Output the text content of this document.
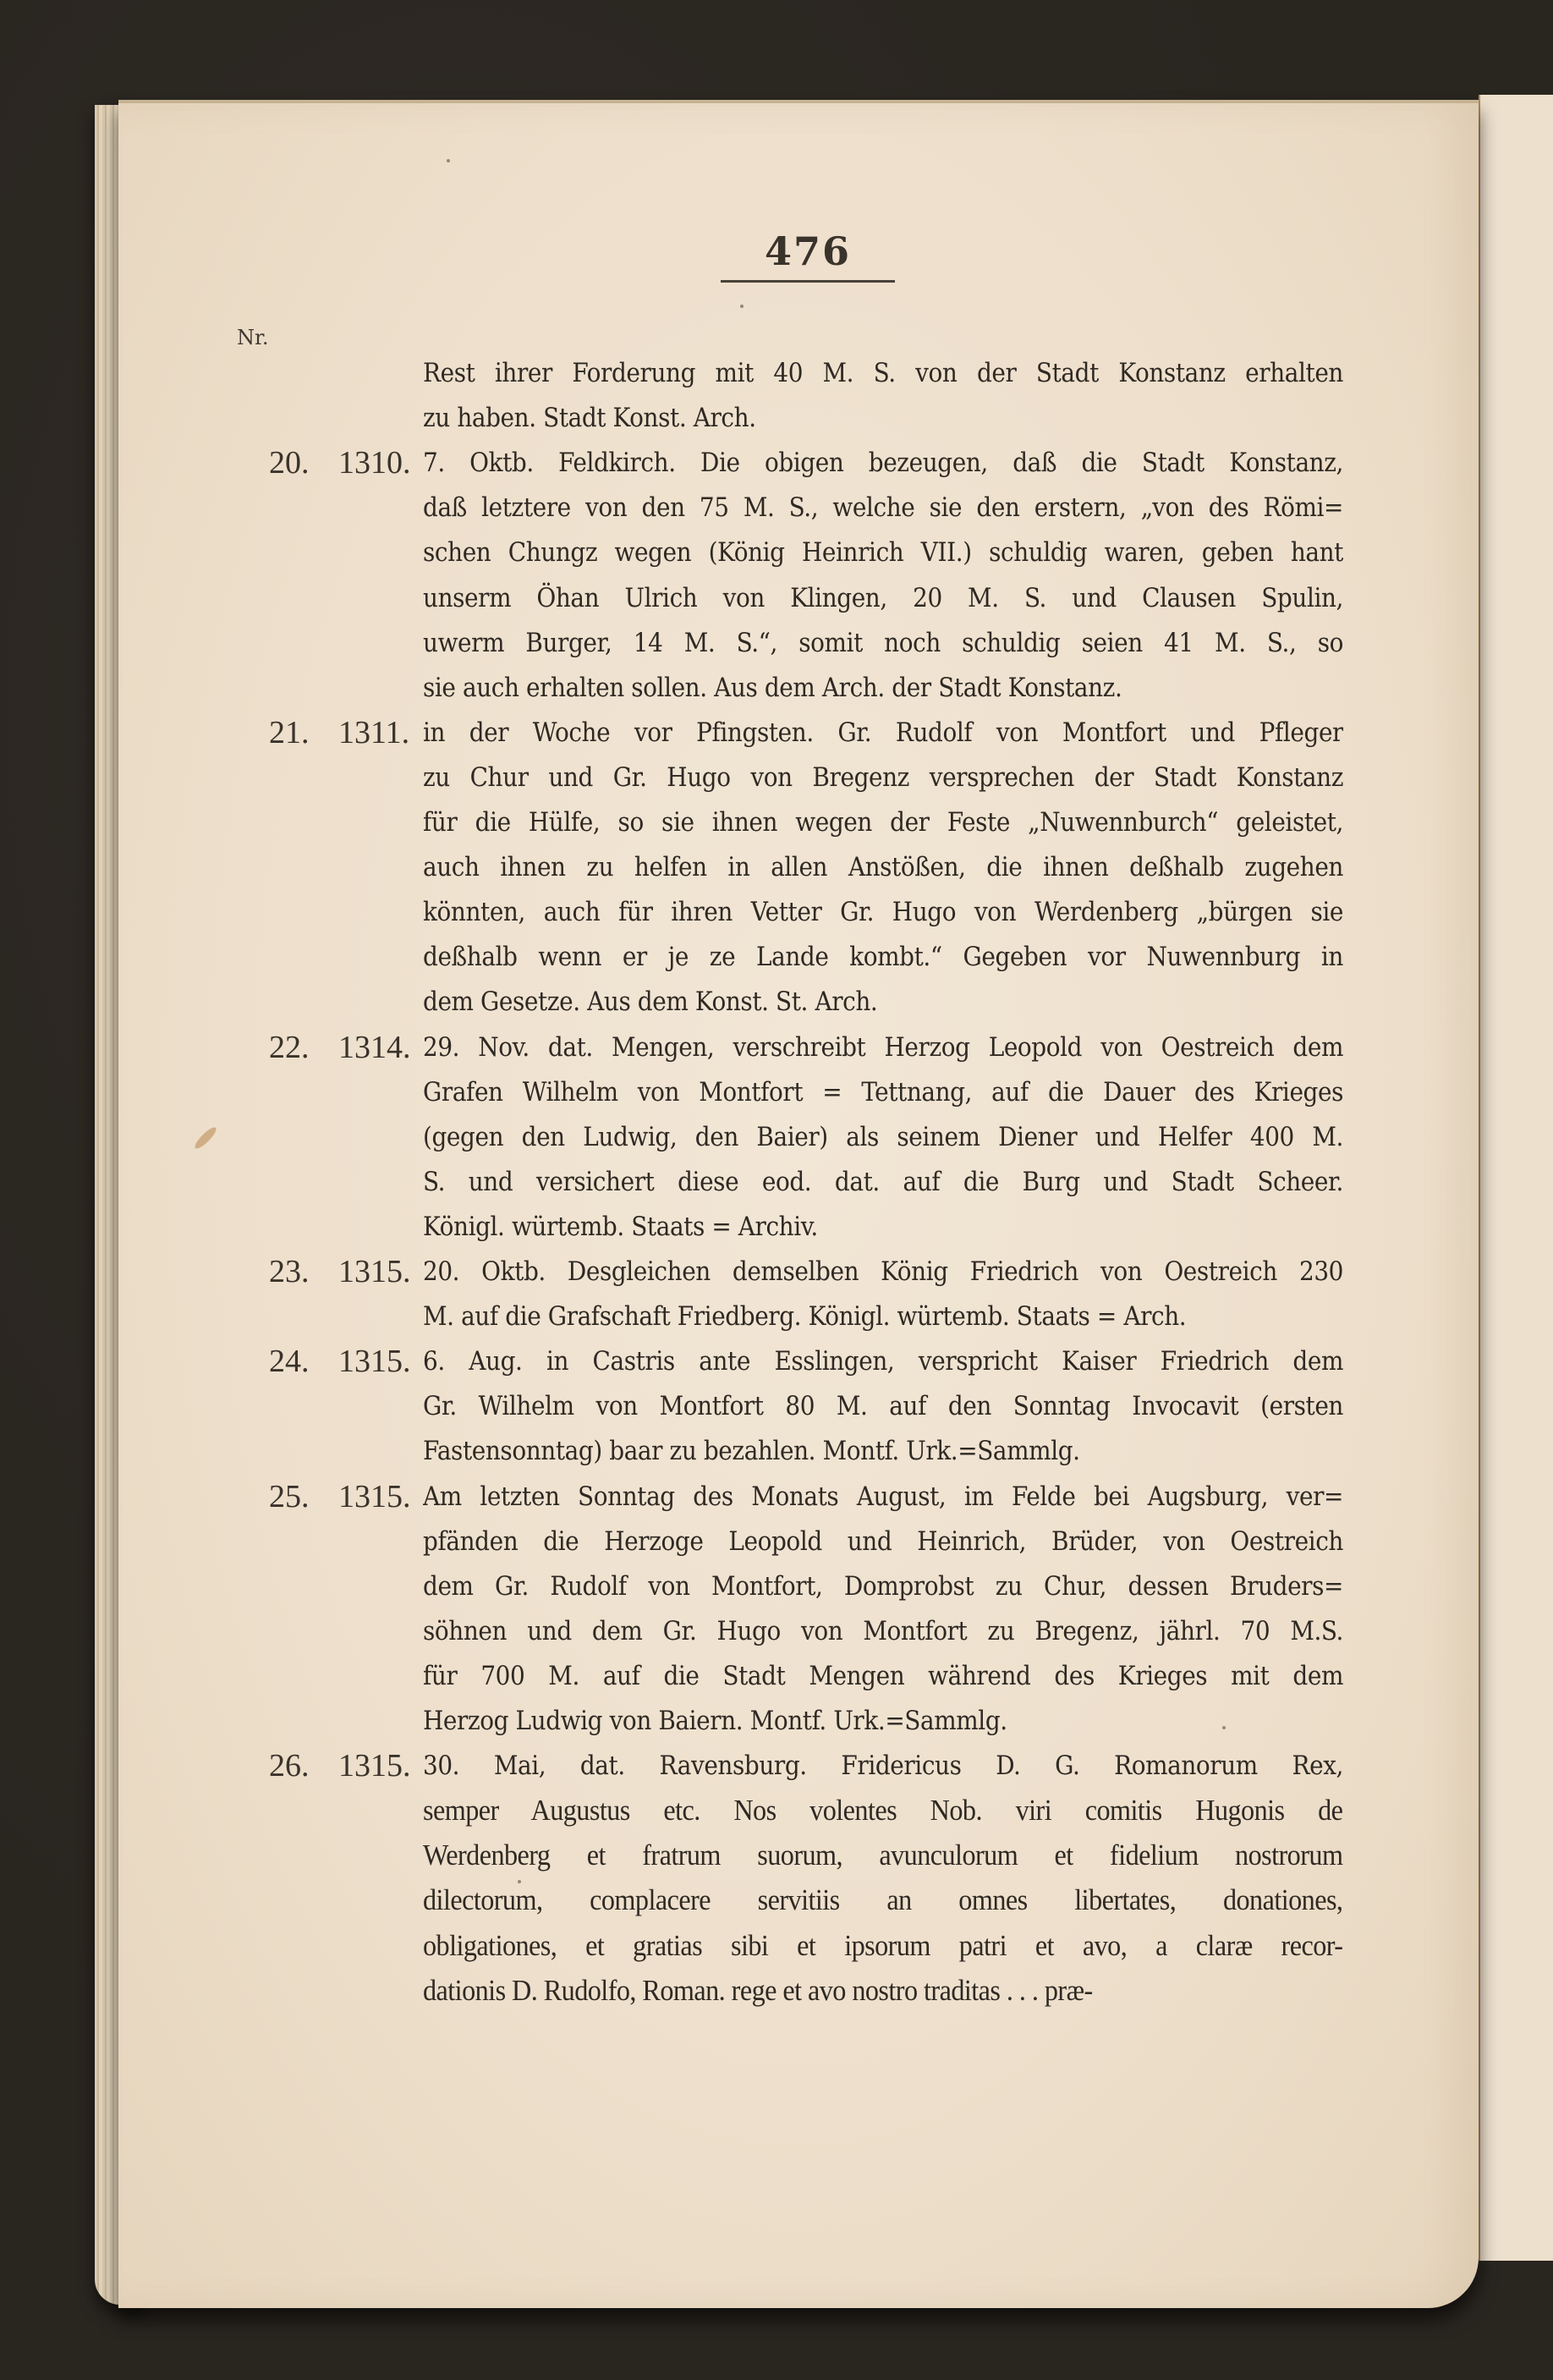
476
Nr.
Rest ihrer Forderung mit 40 M. S. von der Stadt Konstanz erhalten
zu haben. Stadt Konst. Arch.
20. 1310. 7. Oktb. Feldkirch. Die obigen bezeugen, daß die Stadt Konstanz,
daß letztere von den 75 M. S., welche sie den erstern, „von des Römi=
schen Chungz wegen (König Heinrich VII.) schuldig waren, geben hant
unserm Öhan Ulrich von Klingen, 20 M. S. und Clausen Spulin,
uwerm Burger, 14 M. S.“, somit noch schuldig seien 41 M. S., so
sie auch erhalten sollen. Aus dem Arch. der Stadt Konstanz.
21. 1311. in der Woche vor Pfingsten. Gr. Rudolf von Montfort und Pfleger
zu Chur und Gr. Hugo von Bregenz versprechen der Stadt Konstanz
für die Hülfe, so sie ihnen wegen der Feste „Nuwennburch“ geleistet,
auch ihnen zu helfen in allen Anstößen, die ihnen deßhalb zugehen
könnten, auch für ihren Vetter Gr. Hugo von Werdenberg „bürgen sie
deßhalb wenn er je ze Lande kombt.“ Gegeben vor Nuwennburg in
dem Gesetze. Aus dem Konst. St. Arch.
22. 1314. 29. Nov. dat. Mengen, verschreibt Herzog Leopold von Oestreich dem
Grafen Wilhelm von Montfort = Tettnang, auf die Dauer des Krieges
(gegen den Ludwig, den Baier) als seinem Diener und Helfer 400 M.
S. und versichert diese eod. dat. auf die Burg und Stadt Scheer.
Königl. würtemb. Staats = Archiv.
23. 1315. 20. Oktb. Desgleichen demselben König Friedrich von Oestreich 230
M. auf die Grafschaft Friedberg. Königl. würtemb. Staats = Arch.
24. 1315. 6. Aug. in Castris ante Esslingen, verspricht Kaiser Friedrich dem
Gr. Wilhelm von Montfort 80 M. auf den Sonntag Invocavit (ersten
Fastensonntag) baar zu bezahlen. Montf. Urk.=Sammlg.
25. 1315. Am letzten Sonntag des Monats August, im Felde bei Augsburg, ver=
pfänden die Herzoge Leopold und Heinrich, Brüder, von Oestreich
dem Gr. Rudolf von Montfort, Domprobst zu Chur, dessen Bruders=
söhnen und dem Gr. Hugo von Montfort zu Bregenz, jährl. 70 M.S.
für 700 M. auf die Stadt Mengen während des Krieges mit dem
Herzog Ludwig von Baiern. Montf. Urk.=Sammlg.
26. 1315. 30. Mai, dat. Ravensburg. Fridericus D. G. Romanorum Rex,
semper Augustus etc. Nos volentes Nob. viri comitis Hugonis de
Werdenberg et fratrum suorum, avunculorum et fidelium nostrorum
dilectorum, complacere servitiis an omnes libertates, donationes,
obligationes, et gratias sibi et ipsorum patri et avo, a claræ recor-
dationis D. Rudolfo, Roman. rege et avo nostro traditas . . . præ-
